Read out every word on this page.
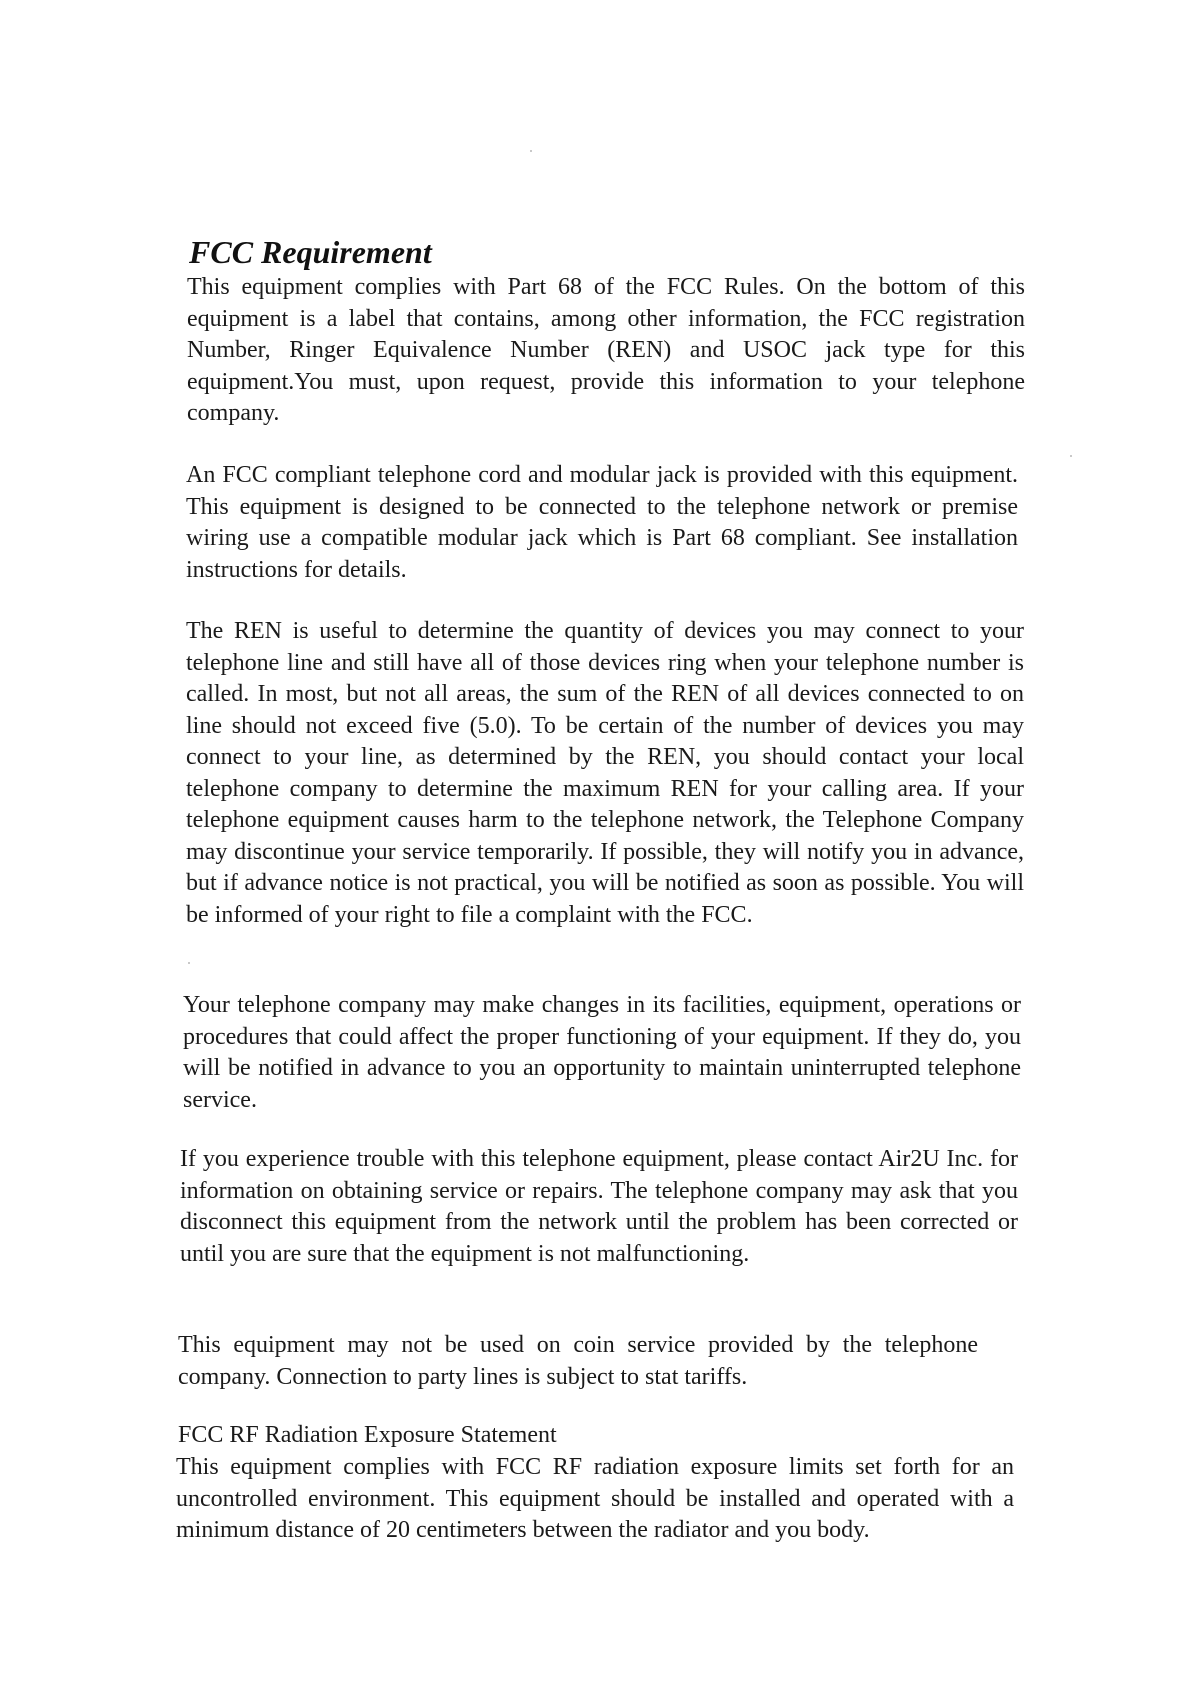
FCC Requirement

This equipment complies with Part 68 of the FCC Rules. On the bottom of this equipment is a label that contains, among other information, the FCC registration Number, Ringer Equivalence Number (REN) and USOC jack type for this equipment.You must, upon request, provide this information to your telephone company.

An FCC compliant telephone cord and modular jack is provided with this equipment. This equipment is designed to be connected to the telephone network or premise wiring use a compatible modular jack which is Part 68 compliant. See installation instructions for details.

The REN is useful to determine the quantity of devices you may connect to your telephone line and still have all of those devices ring when your telephone number is called. In most, but not all areas, the sum of the REN of all devices connected to on line should not exceed five (5.0). To be certain of the number of devices you may connect to your line, as determined by the REN, you should contact your local telephone company to determine the maximum REN for your calling area. If your telephone equipment causes harm to the telephone network, the Telephone Company may discontinue your service temporarily. If possible, they will notify you in advance, but if advance notice is not practical, you will be notified as soon as possible. You will be informed of your right to file a complaint with the FCC.

Your telephone company may make changes in its facilities, equipment, operations or procedures that could affect the proper functioning of your equipment. If they do, you will be notified in advance to you an opportunity to maintain uninterrupted telephone service.

If you experience trouble with this telephone equipment, please contact Air2U Inc. for information on obtaining service or repairs. The telephone company may ask that you disconnect this equipment from the network until the problem has been corrected or until you are sure that the equipment is not malfunctioning.

This equipment may not be used on coin service provided by the telephone company. Connection to party lines is subject to stat tariffs.

FCC RF Radiation Exposure Statement

This equipment complies with FCC RF radiation exposure limits set forth for an uncontrolled environment. This equipment should be installed and operated with a minimum distance of 20 centimeters between the radiator and you body.
